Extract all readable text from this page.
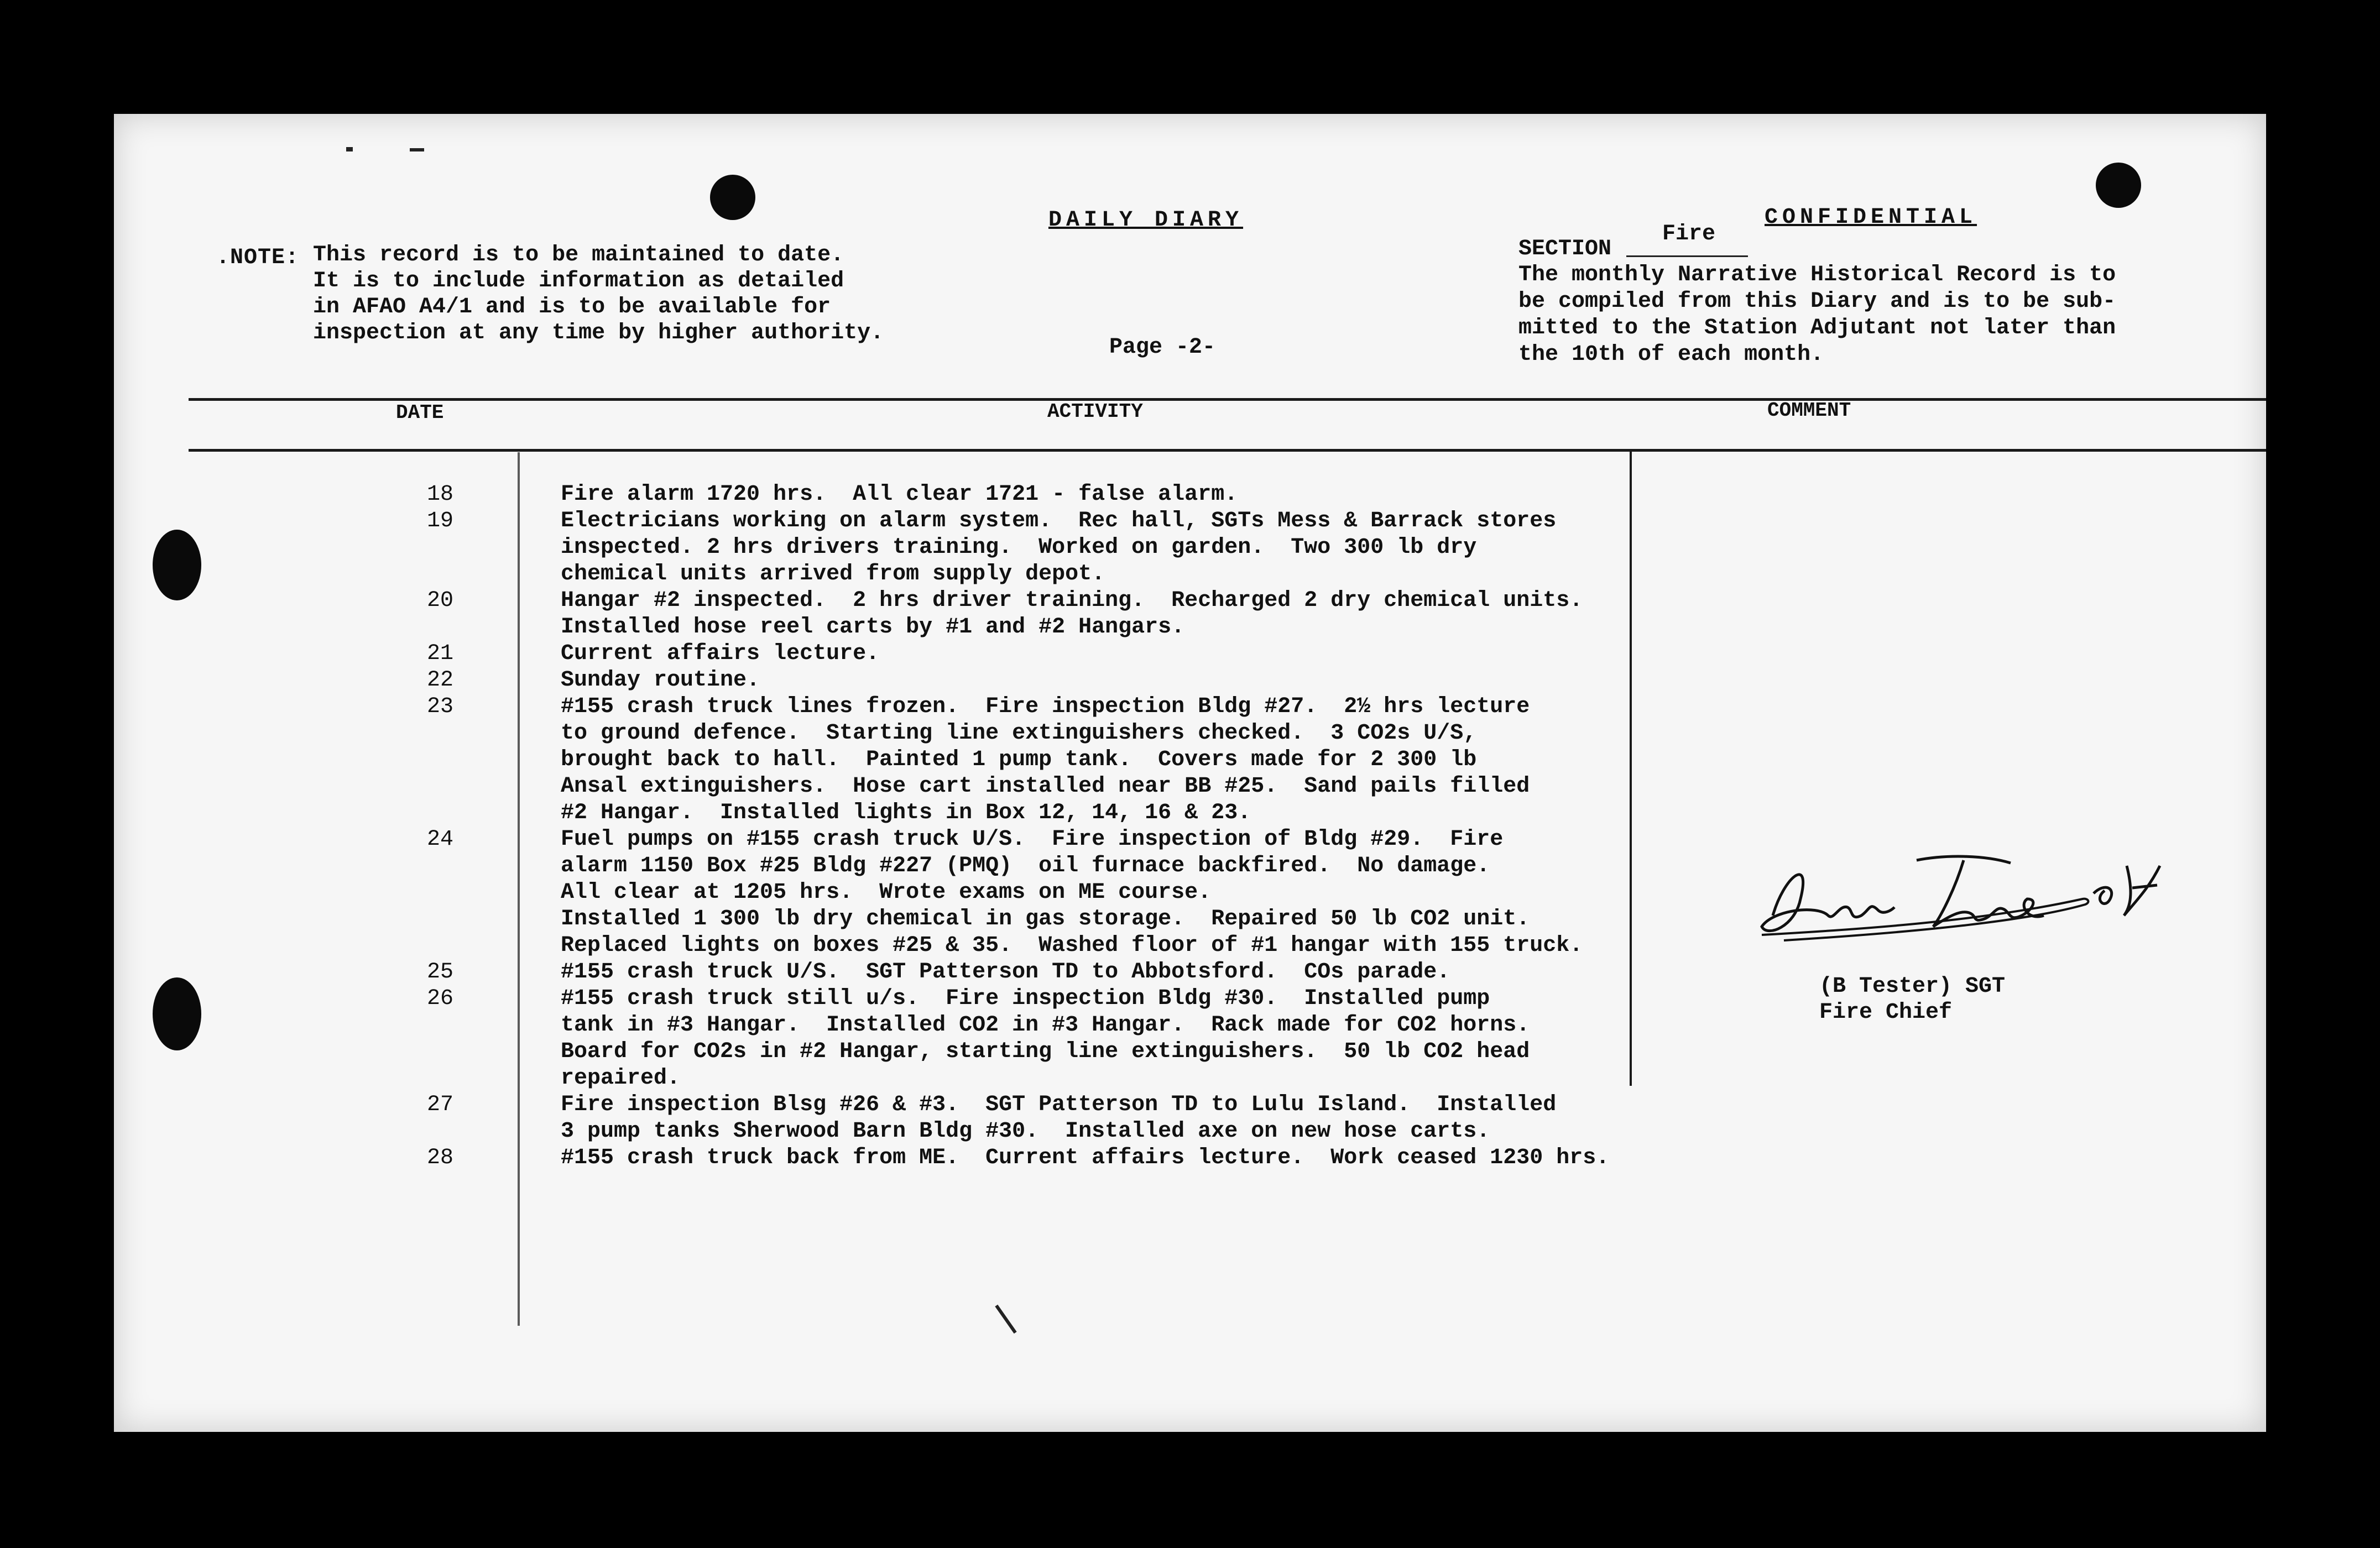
.NOTE: This record is to be maintained to date.
It is to include information as detailed
in AFAO A4/1 and is to be available for
inspection at any time by higher authority.
DAILY DIARY
Page -2-
CONFIDENTIAL
SECTION
Fire
The monthly Narrative Historical Record is to
be compiled from this Diary and is to be sub-
mitted to the Station Adjutant not later than
the 10th of each month.
DATE	ACTIVITY	COMMENT
18	Fire alarm 1720 hrs.  All clear 1721 - false alarm.
19	Electricians working on alarm system.  Rec hall, SGTs Mess & Barrack stores
inspected. 2 hrs drivers training.  Worked on garden.  Two 300 lb dry
chemical units arrived from supply depot.
20	Hangar #2 inspected.  2 hrs driver training.  Recharged 2 dry chemical units.
Installed hose reel carts by #1 and #2 Hangars.
21	Current affairs lecture.
22	Sunday routine.
23	#155 crash truck lines frozen.  Fire inspection Bldg #27.  2½ hrs lecture
to ground defence.  Starting line extinguishers checked.  3 CO2s U/S,
brought back to hall.  Painted 1 pump tank.  Covers made for 2 300 lb
Ansal extinguishers.  Hose cart installed near BB #25.  Sand pails filled
#2 Hangar.  Installed lights in Box 12, 14, 16 & 23.
24	Fuel pumps on #155 crash truck U/S.  Fire inspection of Bldg #29.  Fire
alarm 1150 Box #25 Bldg #227 (PMQ)  oil furnace backfired.  No damage.
All clear at 1205 hrs.  Wrote exams on ME course.
Installed 1 300 lb dry chemical in gas storage.  Repaired 50 lb CO2 unit.
Replaced lights on boxes #25 & 35.  Washed floor of #1 hangar with 155 truck.
25	#155 crash truck U/S.  SGT Patterson TD to Abbotsford.  COs parade.
26	#155 crash truck still u/s.  Fire inspection Bldg #30.  Installed pump
tank in #3 Hangar.  Installed CO2 in #3 Hangar.  Rack made for CO2 horns.
Board for CO2s in #2 Hangar, starting line extinguishers.  50 lb CO2 head
repaired.
27	Fire inspection Blsg #26 & #3.  SGT Patterson TD to Lulu Island.  Installed
3 pump tanks Sherwood Barn Bldg #30.  Installed axe on new hose carts.
28	#155 crash truck back from ME.  Current affairs lecture.  Work ceased 1230 hrs.
(B Tester) SGT
Fire Chief
